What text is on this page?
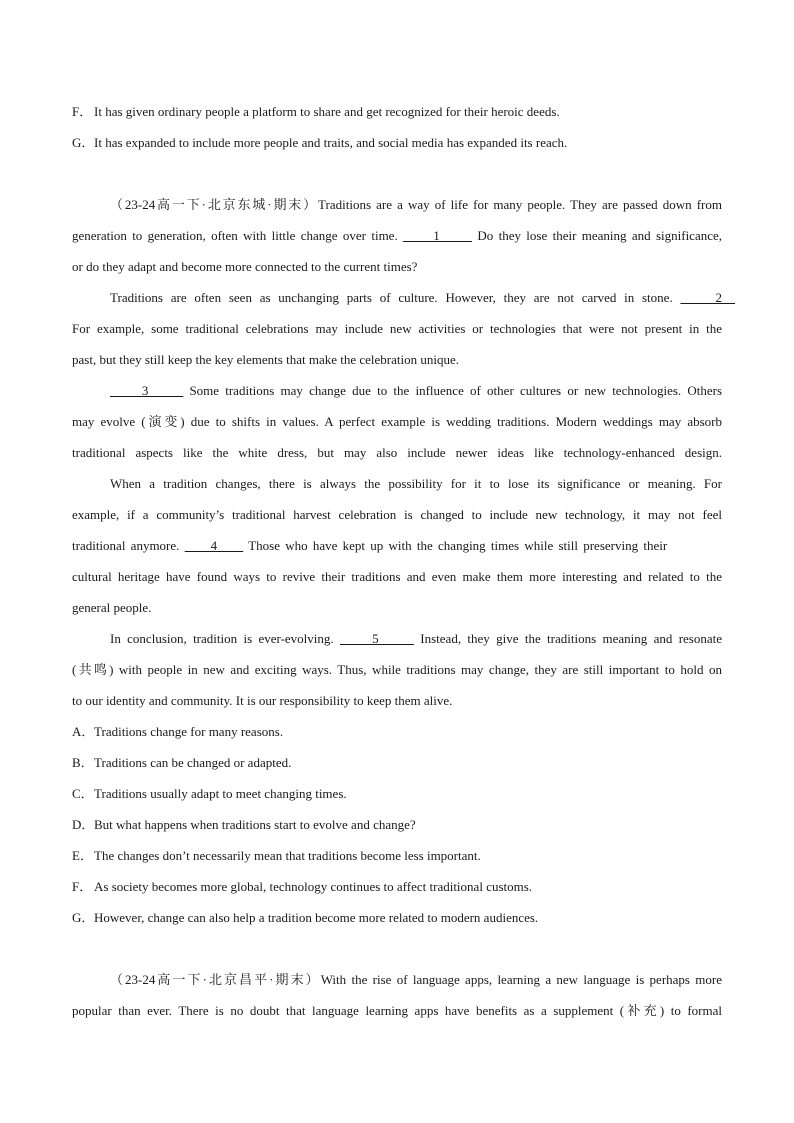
F． It has given ordinary people a platform to share and get recognized for their heroic deeds.

G．It has expanded to include more people and traits, and social media has expanded its reach.

（23-24高一下·北京东城·期末）Traditions are a way of life for many people. They are passed down from

generation to generation, often with little change over time. 　　1　　 Do they lose their meaning and significance,

or do they adapt and become more connected to the current times?

Traditions are often seen as unchanging parts of culture. However, they are not carved in stone. 　　2　

For example, some traditional celebrations may include new activities or technologies that were not present in the

past, but they still keep the key elements that make the celebration unique.

　　3　　 Some traditions may change due to the influence of other cultures or new technologies. Others

may evolve (演变) due to shifts in values. A perfect example is wedding traditions. Modern weddings may absorb

traditional aspects like the white dress, but may also include newer ideas like technology-enhanced design.

When a tradition changes, there is always the possibility for it to lose its significance or meaning. For

example, if a community’s traditional harvest celebration is changed to include new technology, it may not feel

traditional anymore. 　　4　　 Those who have kept up with the changing times while still preserving their

cultural heritage have found ways to revive their traditions and even make them more interesting and related to the

general people.

In conclusion, tradition is ever-evolving. 　　5　　 Instead, they give the traditions meaning and resonate

(共鸣) with people in new and exciting ways. Thus, while traditions may change, they are still important to hold on

to our identity and community. It is our responsibility to keep them alive.

A．Traditions change for many reasons.

B．Traditions can be changed or adapted.

C．Traditions usually adapt to meet changing times.

D．But what happens when traditions start to evolve and change?

E．The changes don’t necessarily mean that traditions become less important.

F． As society becomes more global, technology continues to affect traditional customs.

G．However, change can also help a tradition become more related to modern audiences.

（23-24高一下·北京昌平·期末）With the rise of language apps, learning a new language is perhaps more

popular than ever. There is no doubt that language learning apps have benefits as a supplement (补充) to formal
